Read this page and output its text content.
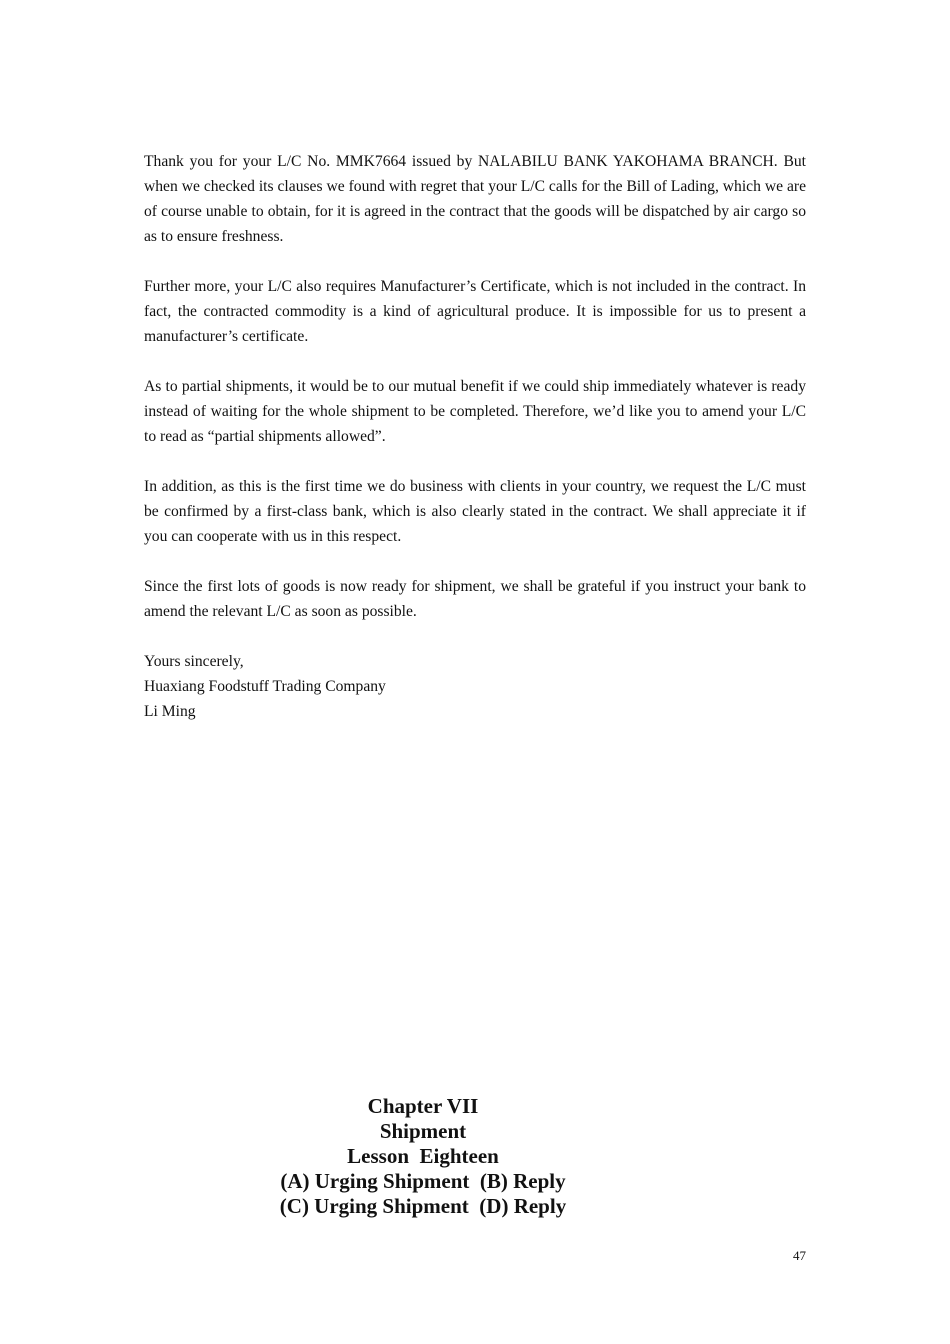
Thank you for your L/C No. MMK7664 issued by NALABILU BANK YAKOHAMA BRANCH. But when we checked its clauses we found with regret that your L/C calls for the Bill of Lading, which we are of course unable to obtain, for it is agreed in the contract that the goods will be dispatched by air cargo so as to ensure freshness.

Further more, your L/C also requires Manufacturer’s Certificate, which is not included in the contract. In fact, the contracted commodity is a kind of agricultural produce. It is impossible for us to present a manufacturer’s certificate.

As to partial shipments, it would be to our mutual benefit if we could ship immediately whatever is ready instead of waiting for the whole shipment to be completed. Therefore, we’d like you to amend your L/C to read as “partial shipments allowed”.

In addition, as this is the first time we do business with clients in your country, we request the L/C must be confirmed by a first-class bank, which is also clearly stated in the contract. We shall appreciate it if you can cooperate with us in this respect.

Since the first lots of goods is now ready for shipment, we shall be grateful if you instruct your bank to amend the relevant L/C as soon as possible.

Yours sincerely,
Huaxiang Foodstuff Trading Company
Li Ming
Chapter VII
Shipment
Lesson  Eighteen
(A) Urging Shipment  (B) Reply
(C) Urging Shipment  (D) Reply
47
